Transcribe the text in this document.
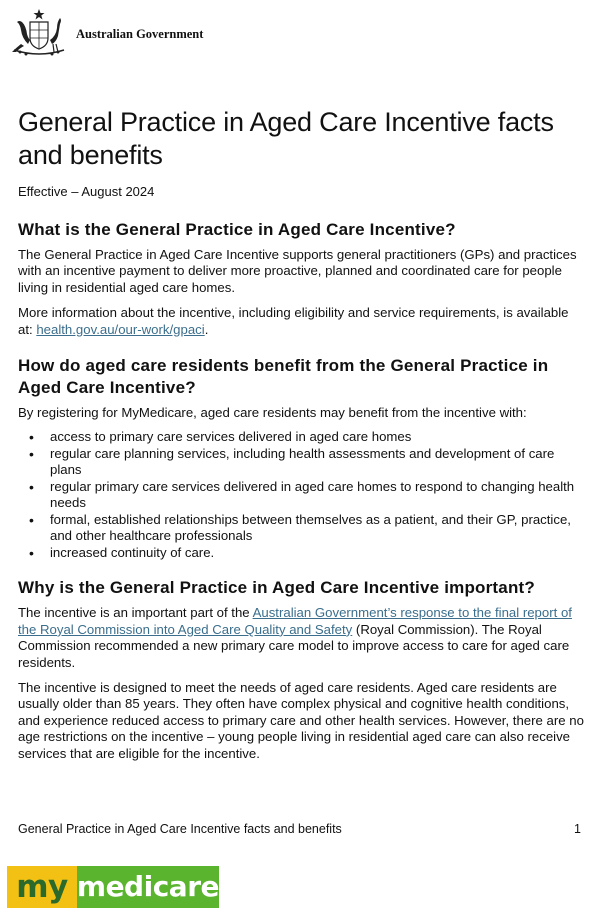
Australian Government
General Practice in Aged Care Incentive facts and benefits
Effective – August 2024
What is the General Practice in Aged Care Incentive?

The General Practice in Aged Care Incentive supports general practitioners (GPs) and practices with an incentive payment to deliver more proactive, planned and coordinated care for people living in residential aged care homes.

More information about the incentive, including eligibility and service requirements, is available at: health.gov.au/our-work/gpaci.

How do aged care residents benefit from the General Practice in Aged Care Incentive?

By registering for MyMedicare, aged care residents may benefit from the incentive with:

• access to primary care services delivered in aged care homes
• regular care planning services, including health assessments and development of care plans
• regular primary care services delivered in aged care homes to respond to changing health needs
• formal, established relationships between themselves as a patient, and their GP, practice, and other healthcare professionals
• increased continuity of care.
Why is the General Practice in Aged Care Incentive important?

The incentive is an important part of the Australian Government’s response to the final report of the Royal Commission into Aged Care Quality and Safety (Royal Commission). The Royal Commission recommended a new primary care model to improve access to care for aged care residents.

The incentive is designed to meet the needs of aged care residents. Aged care residents are usually older than 85 years. They often have complex physical and cognitive health conditions, and experience reduced access to primary care and other health services. However, there are no age restrictions on the incentive – young people living in residential aged care can also receive services that are eligible for the incentive.

General Practice in Aged Care Incentive facts and benefits	1
my medicare
